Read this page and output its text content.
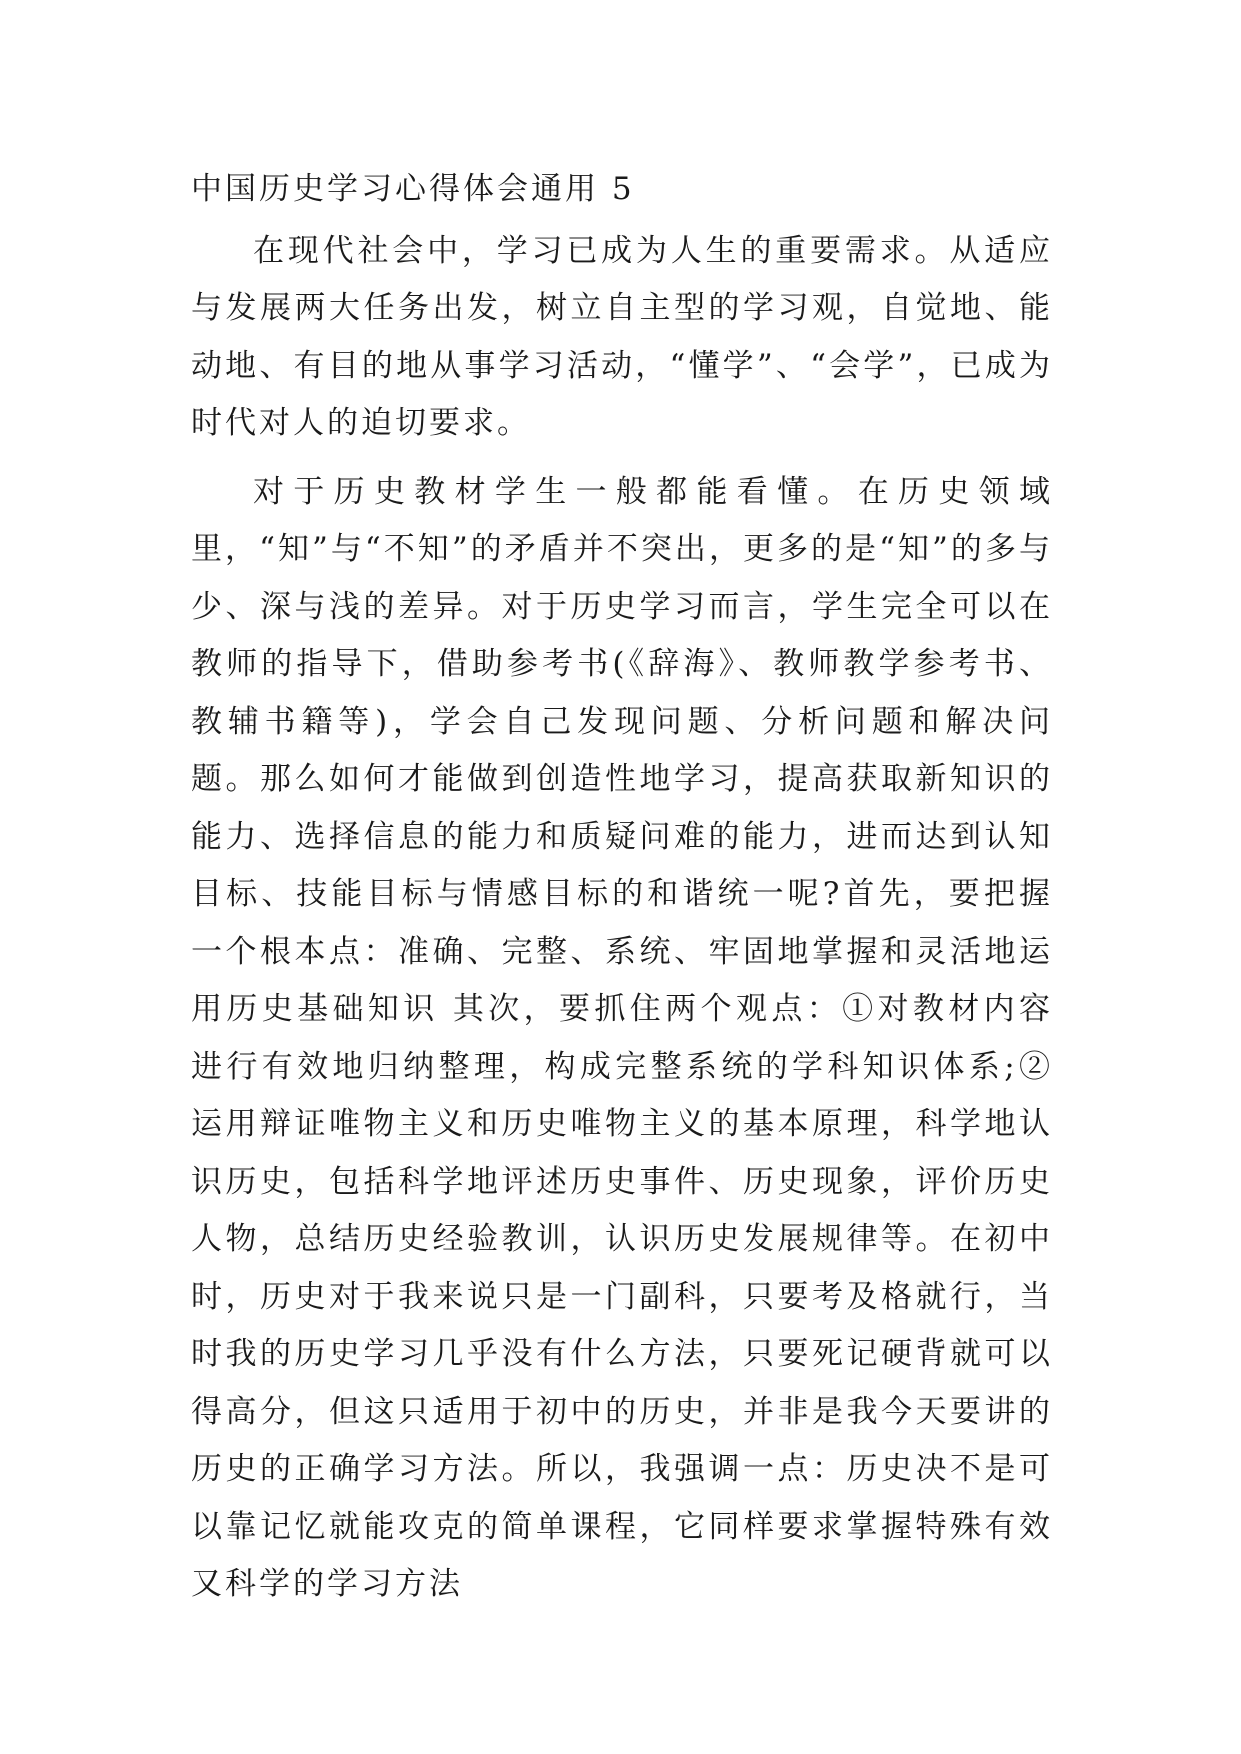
中国历史学习心得体会通用 5

在现代社会中，学习已成为人生的重要需求。从适应与发展两大任务出发，树立自主型的学习观，自觉地、能动地、有目的地从事学习活动，“懂学”、“会学”，已成为时代对人的迫切要求。

对于历史教材学生一般都能看懂。在历史领域里，“知”与“不知”的矛盾并不突出，更多的是“知”的多与少、深与浅的差异。对于历史学习而言，学生完全可以在教师的指导下，借助参考书(《辞海》、教师教学参考书、教辅书籍等)，学会自己发现问题、分析问题和解决问题。那么如何才能做到创造性地学习，提高获取新知识的能力、选择信息的能力和质疑问难的能力，进而达到认知目标、技能目标与情感目标的和谐统一呢?首先，要把握一个根本点：准确、完整、系统、牢固地掌握和灵活地运用历史基础知识 其次，要抓住两个观点：①对教材内容进行有效地归纳整理，构成完整系统的学科知识体系;②运用辩证唯物主义和历史唯物主义的基本原理，科学地认识历史，包括科学地评述历史事件、历史现象，评价历史人物，总结历史经验教训，认识历史发展规律等。在初中时，历史对于我来说只是一门副科，只要考及格就行，当时我的历史学习几乎没有什么方法，只要死记硬背就可以得高分，但这只适用于初中的历史，并非是我今天要讲的历史的正确学习方法。所以，我强调一点：历史决不是可以靠记忆就能攻克的简单课程，它同样要求掌握特殊有效又科学的学习方法
